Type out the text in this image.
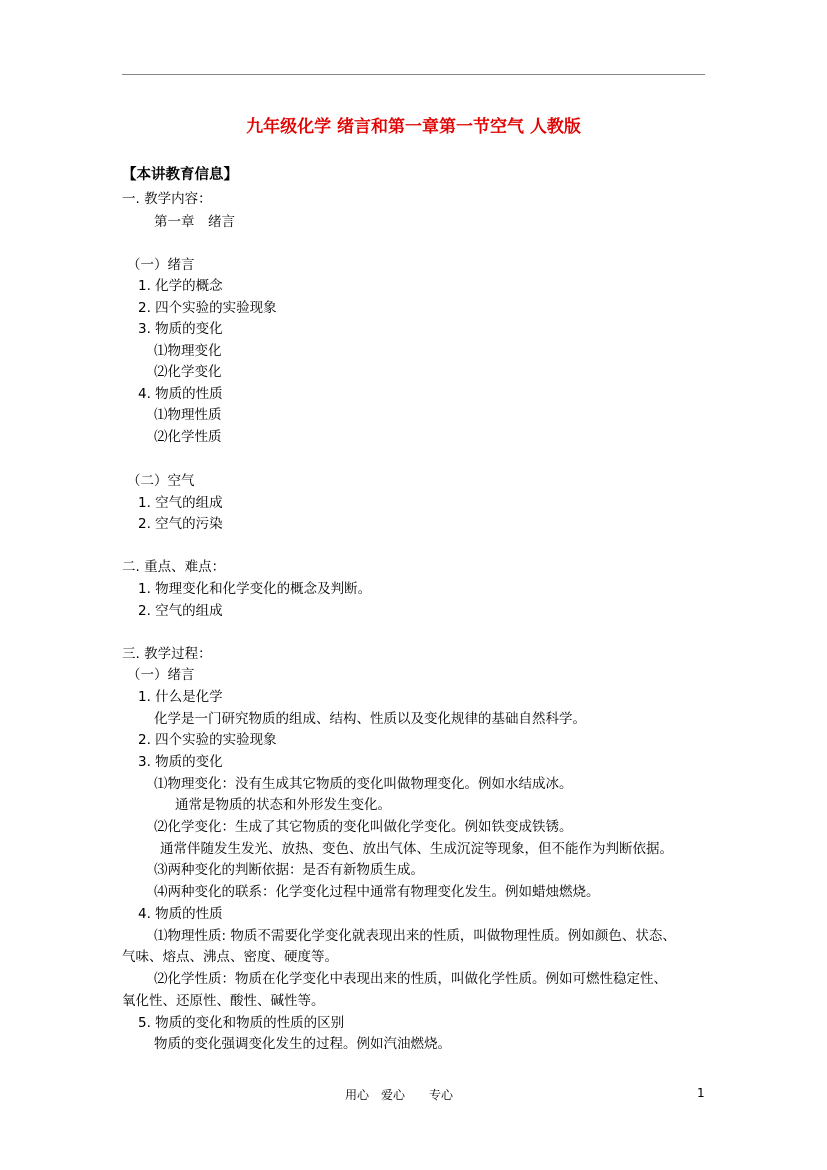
九年级化学 绪言和第一章第一节空气 人教版
【本讲教育信息】
一. 教学内容：
第一章　绪言
（一）绪言
1. 化学的概念
2. 四个实验的实验现象
3. 物质的变化
⑴物理变化
⑵化学变化
4. 物质的性质
⑴物理性质
⑵化学性质
（二）空气
1. 空气的组成
2. 空气的污染
二. 重点、难点：
1. 物理变化和化学变化的概念及判断。
2. 空气的组成
三. 教学过程：
（一）绪言
1. 什么是化学
化学是一门研究物质的组成、结构、性质以及变化规律的基础自然科学。
2. 四个实验的实验现象
3. 物质的变化
⑴物理变化：没有生成其它物质的变化叫做物理变化。例如水结成冰。
通常是物质的状态和外形发生变化。
⑵化学变化：生成了其它物质的变化叫做化学变化。例如铁变成铁锈。
通常伴随发生发光、放热、变色、放出气体、生成沉淀等现象，但不能作为判断依据。
⑶两种变化的判断依据：是否有新物质生成。
⑷两种变化的联系：化学变化过程中通常有物理变化发生。例如蜡烛燃烧。
4. 物质的性质
⑴物理性质: 物质不需要化学变化就表现出来的性质，叫做物理性质。例如颜色、状态、
气味、熔点、沸点、密度、硬度等。
⑵化学性质：物质在化学变化中表现出来的性质，叫做化学性质。例如可燃性稳定性、
氧化性、还原性、酸性、碱性等。
5. 物质的变化和物质的性质的区别
物质的变化强调变化发生的过程。例如汽油燃烧。
用心　爱心　　专心	1
